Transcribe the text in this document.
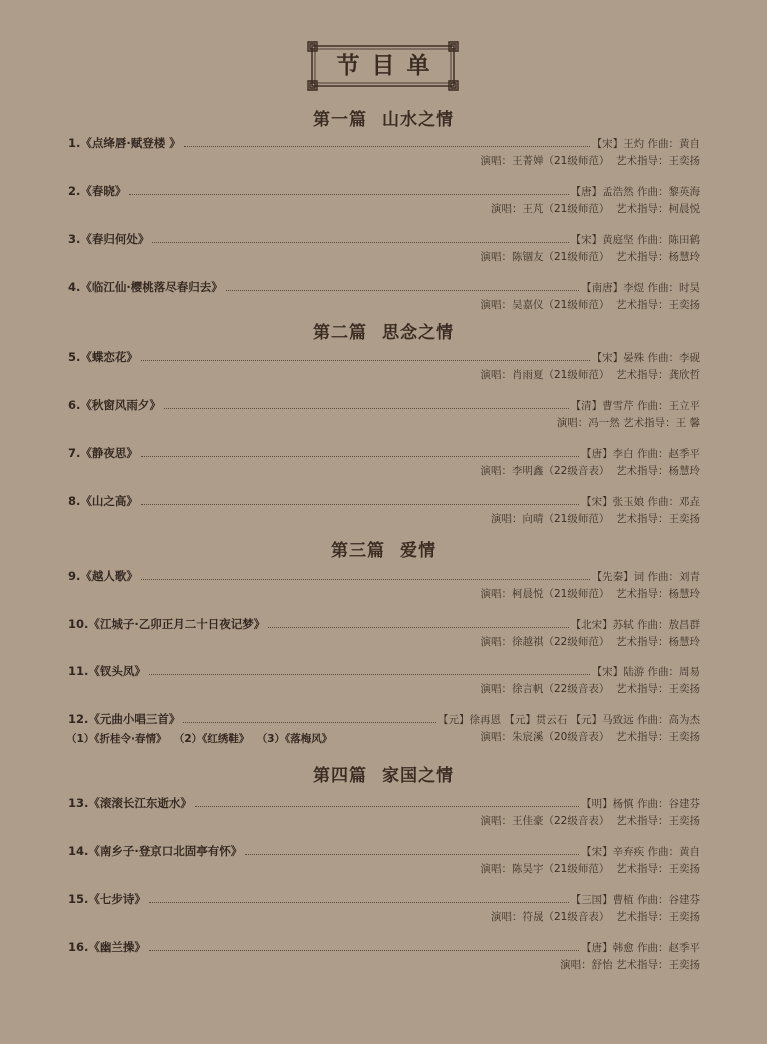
节目单
第一篇 山水之情
1.《点绛唇·赋登楼 》	【宋】王灼 作曲：黄自
演唱：王菁婵（21级师范）  艺术指导：王奕扬
2.《春晓》	【唐】孟浩然 作曲：黎英海
演唱：王芃（21级师范）  艺术指导：柯晨悦
3.《春归何处》	【宋】黄庭坚 作曲：陈田鹤
演唱：陈锢友（21级师范）  艺术指导：杨慧玲
4.《临江仙·樱桃落尽春归去》	【南唐】李煜 作曲：时昊
演唱：吴嘉仪（21级师范）  艺术指导：王奕扬
第二篇 思念之情
5.《蝶恋花》	【宋】晏殊 作曲：李砚
演唱：肖雨夏（21级师范）  艺术指导：龚欣哲
6.《秋窗风雨夕》	【清】曹雪芹 作曲：王立平
演唱：冯一然 艺术指导：王 馨
7.《静夜思》	【唐】李白 作曲：赵季平
演唱：李明鑫（22级音表）  艺术指导：杨慧玲
8.《山之高》	【宋】张玉娘 作曲：邓垚
演唱：向晴（21级师范）  艺术指导：王奕扬
第三篇 爱情
9.《越人歌》	【先秦】词 作曲：刘青
演唱：柯晨悦（21级师范）  艺术指导：杨慧玲
10.《江城子·乙卯正月二十日夜记梦》	【北宋】苏轼 作曲：敖昌群
演唱：徐越祺（22级师范）  艺术指导：杨慧玲
11.《钗头凤》	【宋】陆游 作曲：周易
演唱：徐言帆（22级音表）  艺术指导：王奕扬
12.《元曲小唱三首》	【元】徐再恩 【元】贯云石 【元】马致远 作曲：高为杰
演唱：朱宸溪（20级音表）  艺术指导：王奕扬
（1）《折桂令·春情》  （2）《红绣鞋》  （3）《落梅风》
第四篇 家国之情
13.《滚滚长江东逝水》	【明】杨慎 作曲：谷建芬
演唱：王佳豪（22级音表）  艺术指导：王奕扬
14.《南乡子·登京口北固亭有怀》	【宋】辛弃疾 作曲：黄自
演唱：陈昊宇（21级师范）  艺术指导：王奕扬
15.《七步诗》	【三国】曹植 作曲：谷建芬
演唱：符晟（21级音表）  艺术指导：王奕扬
16.《幽兰操》	【唐】韩愈 作曲：赵季平
演唱：舒怡 艺术指导：王奕扬
